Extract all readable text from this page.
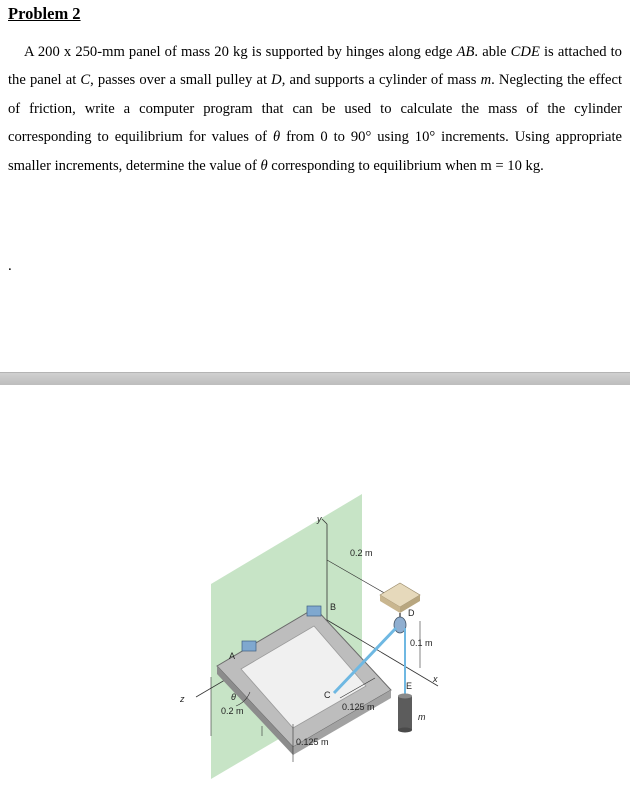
Problem 2

A 200 x 250-mm panel of mass 20 kg is supported by hinges along edge AB. able CDE is attached to the panel at C, passes over a small pulley at D, and supports a cylinder of mass m. Neglecting the effect of friction, write a computer program that can be used to calculate the mass of the cylinder corresponding to equilibrium for values of θ from 0 to 90° using 10° increments. Using appropriate smaller increments, determine the value of θ corresponding to equilibrium when m = 10 kg.

.
y
x
z
0.2 m
D
A
B
C
E
0.1 m
m
0.125 m
0.125 m
θ
0.2 m
